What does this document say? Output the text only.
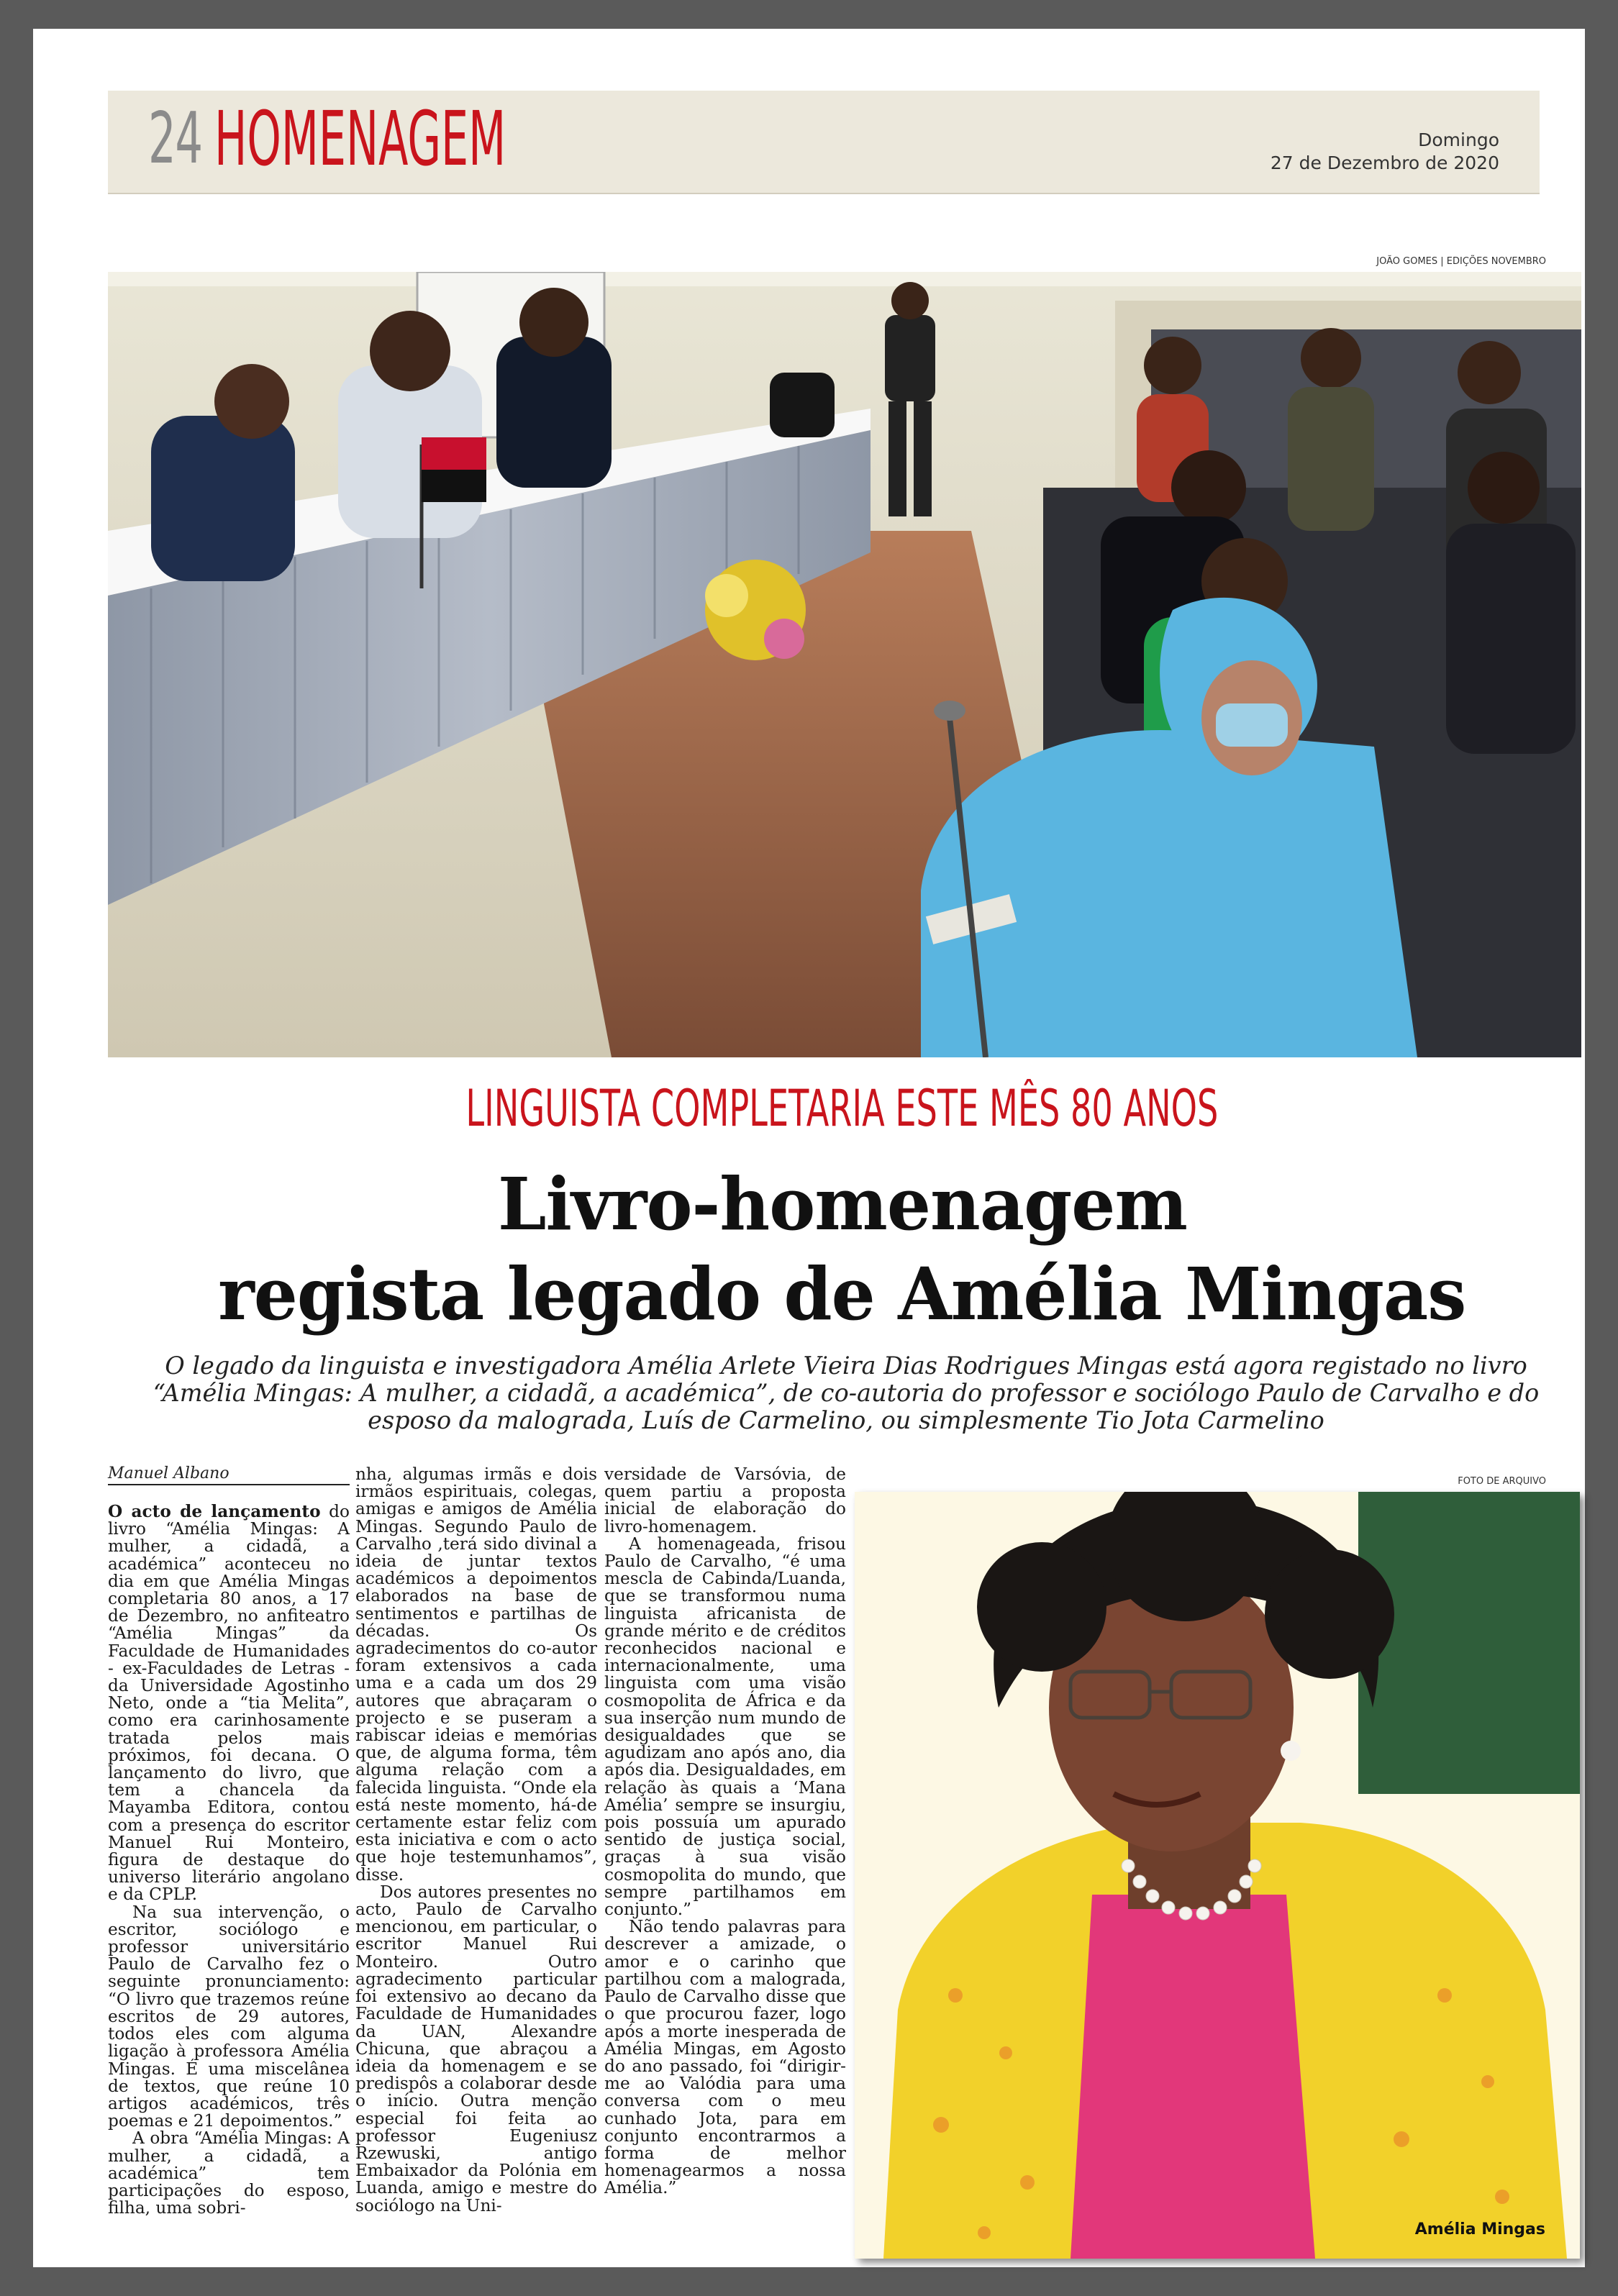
24 HOMENAGEM	Domingo
27 de Dezembro de 2020
JOÃO GOMES | EDIÇÕES NOVEMBRO
LINGUISTA COMPLETARIA ESTE MÊS 80 ANOS
Livro-homenagem
regista legado de Amélia Mingas
O legado da linguista e investigadora Amélia Arlete Vieira Dias Rodrigues Mingas está agora registado no livro “Amélia Mingas: A mulher, a cidadã, a académica”, de co-autoria do professor e sociólogo Paulo de Carvalho e do esposo da malograda, Luís de Carmelino, ou simplesmente Tio Jota Carmelino
Manuel Albano

O acto de lançamento do livro “Amélia Mingas: A mulher, a cidadã, a académica” aconteceu no dia em que Amélia Mingas completaria 80 anos, a 17 de Dezembro, no anfiteatro “Amélia Mingas” da Faculdade de Humanidades - ex-Faculdades de Letras - da Universidade Agostinho Neto, onde a “tia Melita”, como era carinhosamente tratada pelos mais próximos, foi decana. O lançamento do livro, que tem a chancela da Mayamba Editora, contou com a presença do escritor Manuel Rui Monteiro, figura de destaque do universo literário angolano e da CPLP.

Na sua intervenção, o escritor, sociólogo e professor universitário Paulo de Carvalho fez o seguinte pronunciamento: “O livro que trazemos reúne escritos de 29 autores, todos eles com alguma ligação à professora Amélia Mingas. É uma miscelânea de textos, que reúne 10 artigos académicos, três poemas e 21 depoimentos.”

A obra “Amélia Mingas: A mulher, a cidadã, a académica” tem participações do esposo, filha, uma sobri-

nha, algumas irmãs e dois irmãos espirituais, colegas, amigas e amigos de Amélia Mingas. Segundo Paulo de Carvalho ,terá sido divinal a ideia de juntar textos académicos a depoimentos elaborados na base de sentimentos e partilhas de décadas. Os agradecimentos do co-autor foram extensivos a cada uma e a cada um dos 29 autores que abraçaram o projecto e se puseram a rabiscar ideias e memórias que, de alguma forma, têm alguma relação com a falecida linguista. “Onde ela está neste momento, há-de certamente estar feliz com esta iniciativa e com o acto que hoje testemunhamos”, disse.

Dos autores presentes no acto, Paulo de Carvalho mencionou, em particular, o escritor Manuel Rui Monteiro. Outro agradecimento particular foi extensivo ao decano da Faculdade de Humanidades da UAN, Alexandre Chicuna, que abraçou a ideia da homenagem e se predispôs a colaborar desde o início. Outra menção especial foi feita ao professor Eugeniusz Rzewuski, antigo Embaixador da Polónia em Luanda, amigo e mestre do sociólogo na Uni-

versidade de Varsóvia, de quem partiu a proposta inicial de elaboração do livro-homenagem.

A homenageada, frisou Paulo de Carvalho, “é uma mescla de Cabinda/Luanda, que se transformou numa linguista africanista de grande mérito e de créditos reconhecidos nacional e internacionalmente, uma linguista com uma visão cosmopolita de África e da sua inserção num mundo de desigualdades que se agudizam ano após ano, dia após dia. Desigualdades, em relação às quais a ‘Mana Amélia’ sempre se insurgiu, pois possuía um apurado sentido de justiça social, graças à sua visão cosmopolita do mundo, que sempre partilhamos em conjunto.”

Não tendo palavras para descrever a amizade, o amor e o carinho que partilhou com a malograda, Paulo de Carvalho disse que o que procurou fazer, logo após a morte inesperada de Amélia Mingas, em Agosto do ano passado, foi “dirigir-me ao Valódia para uma conversa com o meu cunhado Jota, para em conjunto encontrarmos a forma de melhor homenagearmos a nossa Amélia.”

FOTO DE ARQUIVO
Amélia Mingas
